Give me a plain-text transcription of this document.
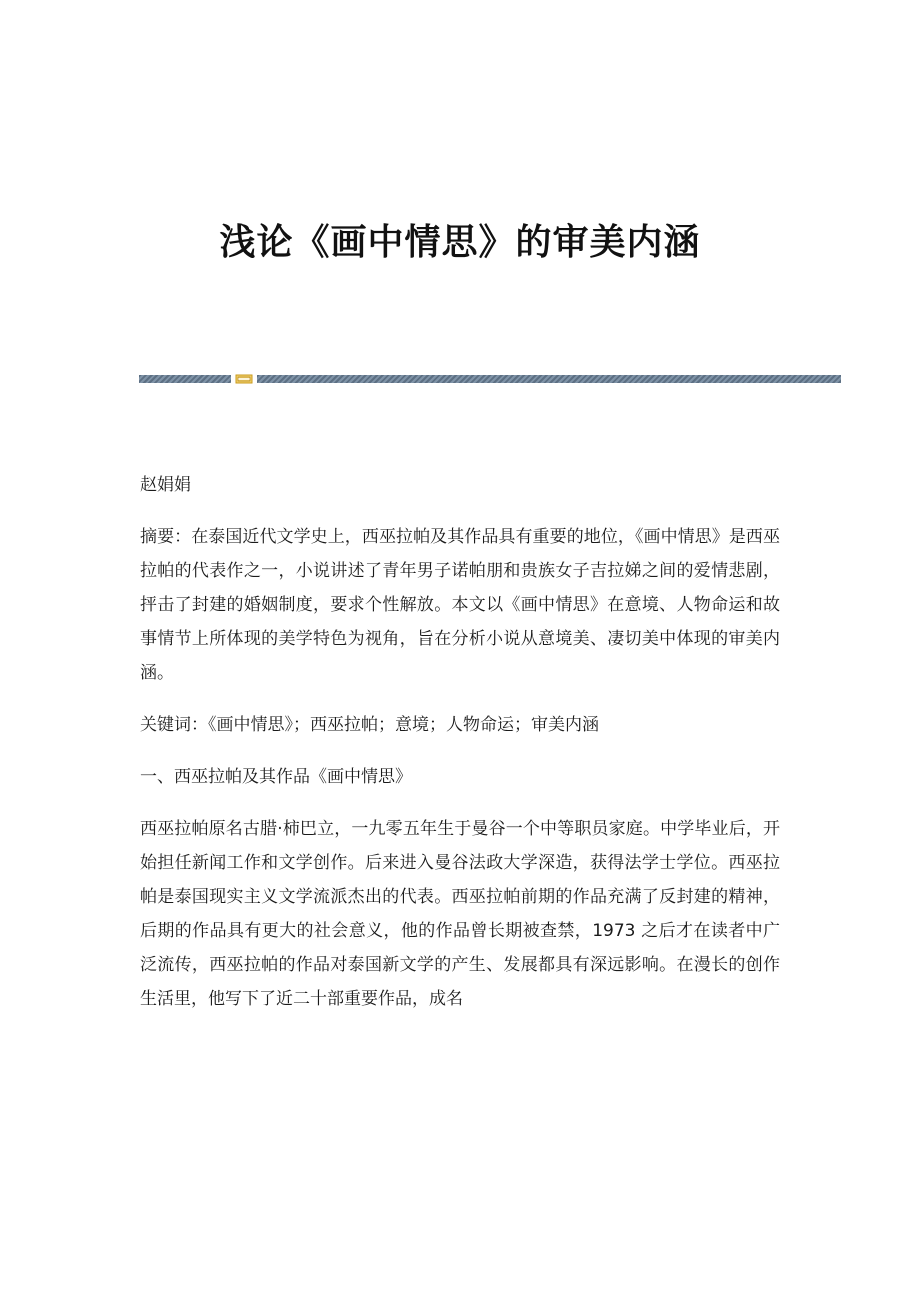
浅论《画中情思》的审美内涵

赵娟娟

摘要：在泰国近代文学史上，西巫拉帕及其作品具有重要的地位，《画中情思》是西巫拉帕的代表作之一，小说讲述了青年男子诺帕朋和贵族女子吉拉娣之间的爱情悲剧，抨击了封建的婚姻制度，要求个性解放。本文以《画中情思》在意境、人物命运和故事情节上所体现的美学特色为视角，旨在分析小说从意境美、凄切美中体现的审美内涵。

关键词：《画中情思》；西巫拉帕；意境；人物命运；审美内涵

一、西巫拉帕及其作品《画中情思》

西巫拉帕原名古腊·柿巴立，一九零五年生于曼谷一个中等职员家庭。中学毕业后，开始担任新闻工作和文学创作。后来进入曼谷法政大学深造，获得法学士学位。西巫拉帕是泰国现实主义文学流派杰出的代表。西巫拉帕前期的作品充满了反封建的精神，后期的作品具有更大的社会意义，他的作品曾长期被查禁，1973 之后才在读者中广泛流传，西巫拉帕的作品对泰国新文学的产生、发展都具有深远影响。在漫长的创作生活里，他写下了近二十部重要作品，成名
